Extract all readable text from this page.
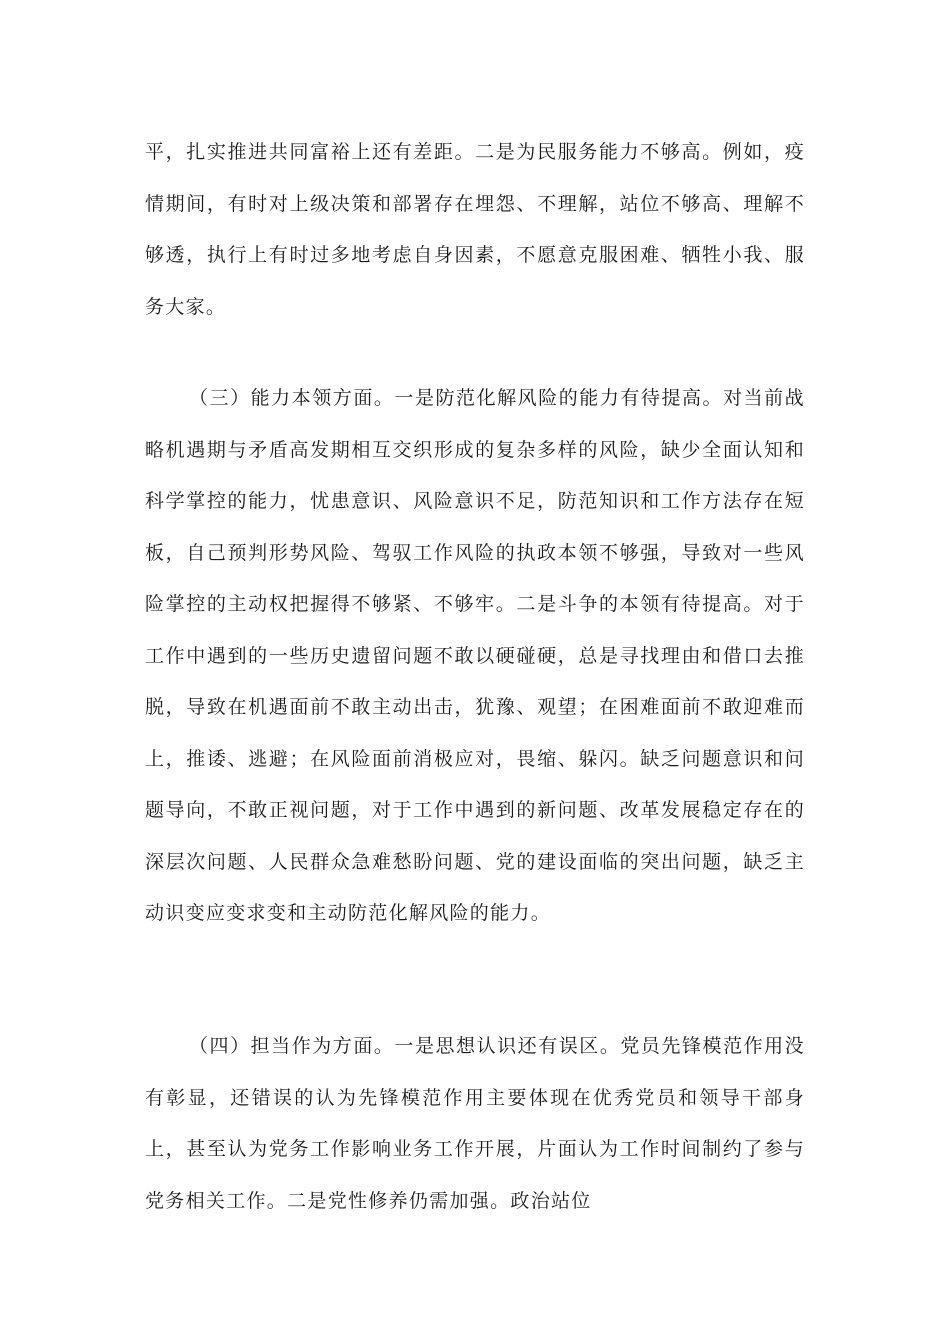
平，扎实推进共同富裕上还有差距。二是为民服务能力不够高。例如，疫情期间，有时对上级决策和部署存在埋怨、不理解，站位不够高、理解不够透，执行上有时过多地考虑自身因素，不愿意克服困难、牺牲小我、服务大家。

（三）能力本领方面。一是防范化解风险的能力有待提高。对当前战略机遇期与矛盾高发期相互交织形成的复杂多样的风险，缺少全面认知和科学掌控的能力，忧患意识、风险意识不足，防范知识和工作方法存在短板，自己预判形势风险、驾驭工作风险的执政本领不够强，导致对一些风险掌控的主动权把握得不够紧、不够牢。二是斗争的本领有待提高。对于工作中遇到的一些历史遗留问题不敢以硬碰硬，总是寻找理由和借口去推脱，导致在机遇面前不敢主动出击，犹豫、观望；在困难面前不敢迎难而上，推诿、逃避；在风险面前消极应对，畏缩、躲闪。缺乏问题意识和问题导向，不敢正视问题，对于工作中遇到的新问题、改革发展稳定存在的深层次问题、人民群众急难愁盼问题、党的建设面临的突出问题，缺乏主动识变应变求变和主动防范化解风险的能力。

（四）担当作为方面。一是思想认识还有误区。党员先锋模范作用没有彰显，还错误的认为先锋模范作用主要体现在优秀党员和领导干部身上，甚至认为党务工作影响业务工作开展，片面认为工作时间制约了参与党务相关工作。二是党性修养仍需加强。政治站位
